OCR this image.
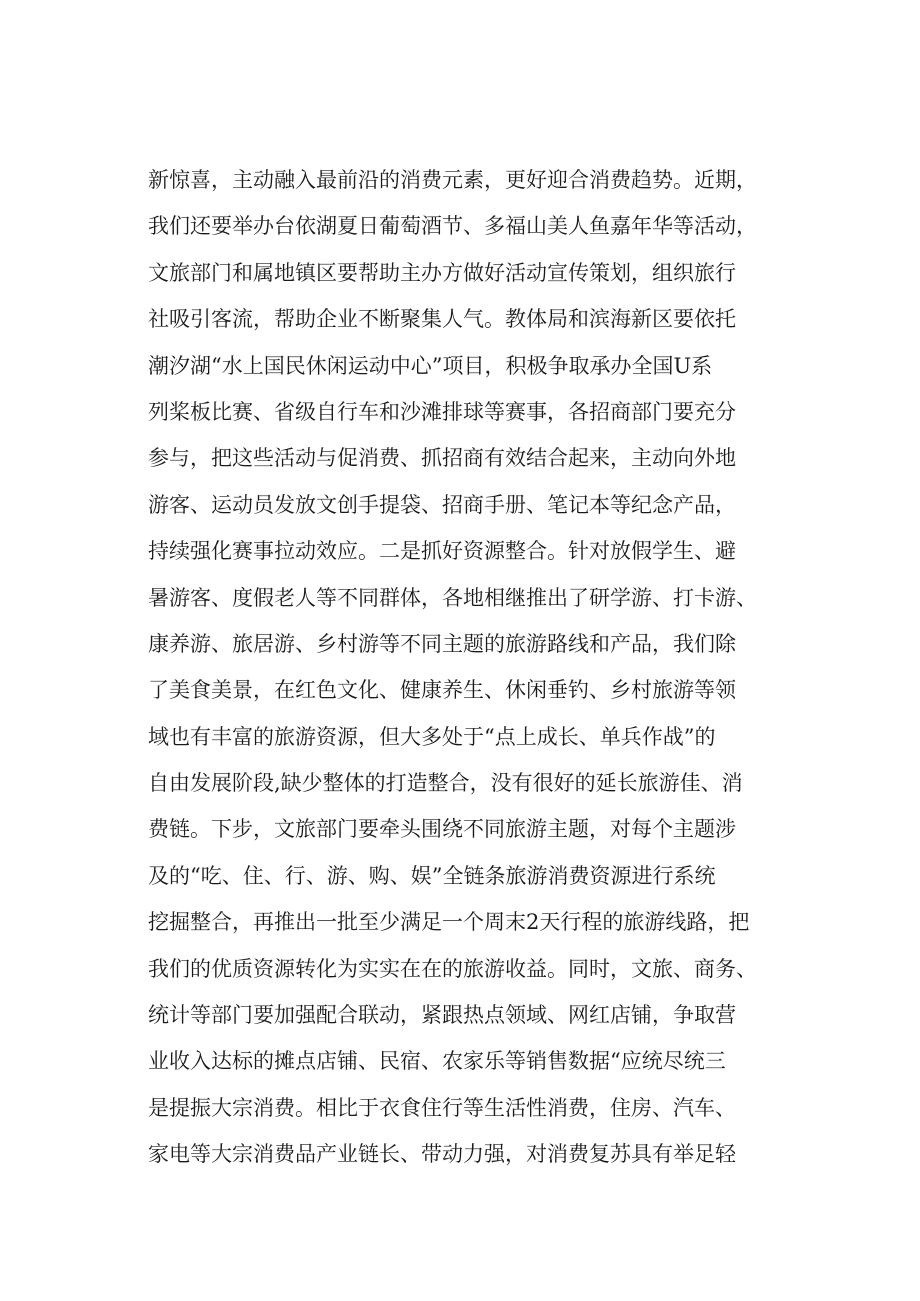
新惊喜，主动融入最前沿的消费元素，更好迎合消费趋势。近期，
我们还要举办台依湖夏日葡萄酒节、多福山美人鱼嘉年华等活动，
文旅部门和属地镇区要帮助主办方做好活动宣传策划，组织旅行
社吸引客流，帮助企业不断聚集人气。教体局和滨海新区要依托
潮汐湖“水上国民休闲运动中心”项目，积极争取承办全国U系
列桨板比赛、省级自行车和沙滩排球等赛事，各招商部门要充分
参与，把这些活动与促消费、抓招商有效结合起来，主动向外地
游客、运动员发放文创手提袋、招商手册、笔记本等纪念产品，
持续强化赛事拉动效应。二是抓好资源整合。针对放假学生、避
暑游客、度假老人等不同群体，各地相继推出了研学游、打卡游、
康养游、旅居游、乡村游等不同主题的旅游路线和产品，我们除
了美食美景，在红色文化、健康养生、休闲垂钓、乡村旅游等领
域也有丰富的旅游资源，但大多处于“点上成长、单兵作战”的
自由发展阶段,缺少整体的打造整合，没有很好的延长旅游佳、消
费链。下步，文旅部门要牵头围绕不同旅游主题，对每个主题涉
及的“吃、住、行、游、购、娱”全链条旅游消费资源进行系统
挖掘整合，再推出一批至少满足一个周末2天行程的旅游线路，把
我们的优质资源转化为实实在在的旅游收益。同时，文旅、商务、
统计等部门要加强配合联动，紧跟热点领域、网红店铺，争取营
业收入达标的摊点店铺、民宿、农家乐等销售数据“应统尽统三
是提振大宗消费。相比于衣食住行等生活性消费，住房、汽车、
家电等大宗消费品产业链长、带动力强，对消费复苏具有举足轻
